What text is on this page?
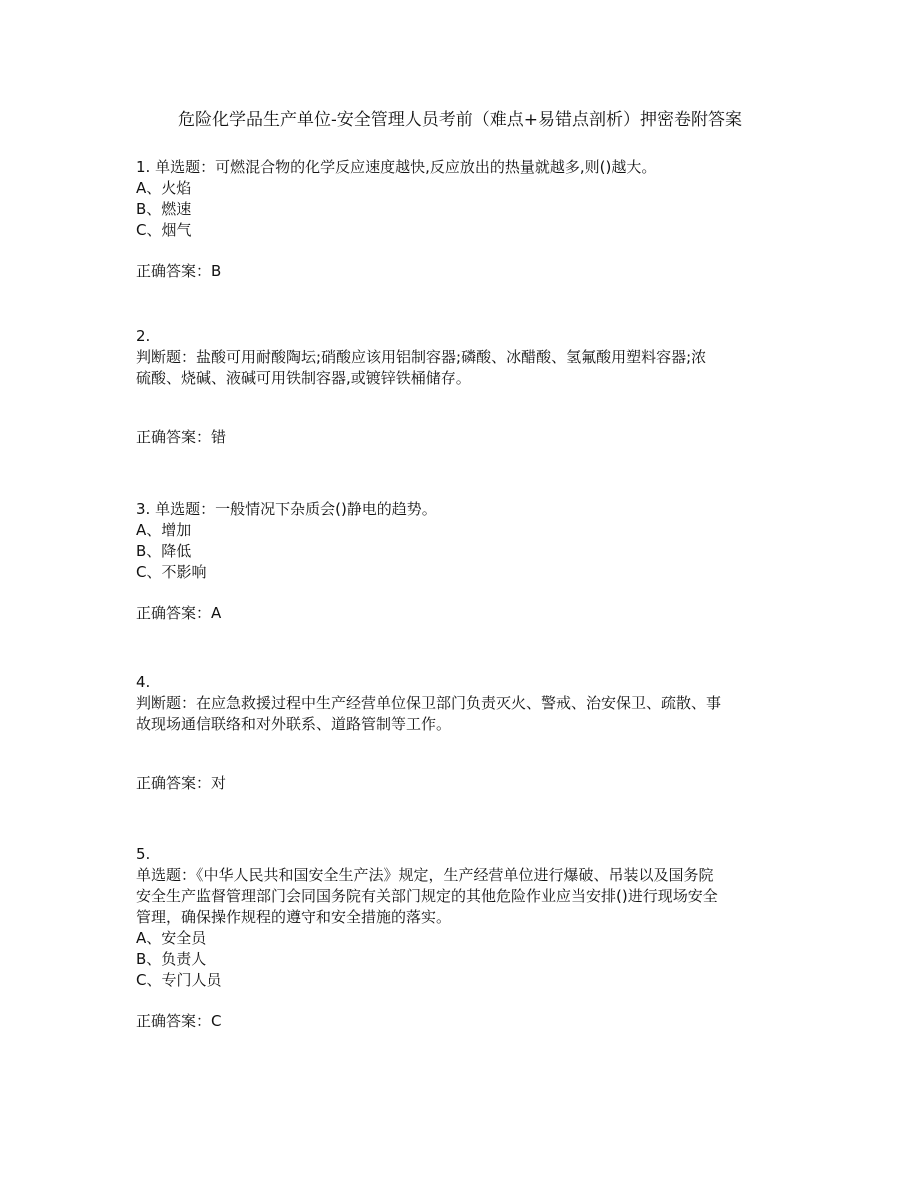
危险化学品生产单位-安全管理人员考前（难点+易错点剖析）押密卷附答案
1. 单选题：可燃混合物的化学反应速度越快,反应放出的热量就越多,则()越大。
A、火焰
B、燃速
C、烟气
正确答案：B
2.
判断题：盐酸可用耐酸陶坛;硝酸应该用铝制容器;磷酸、冰醋酸、氢氟酸用塑料容器;浓
硫酸、烧碱、液碱可用铁制容器,或镀锌铁桶储存。
正确答案：错
3. 单选题：一般情况下杂质会()静电的趋势。
A、增加
B、降低
C、不影响
正确答案：A
4.
判断题：在应急救援过程中生产经营单位保卫部门负责灭火、警戒、治安保卫、疏散、事
故现场通信联络和对外联系、道路管制等工作。
正确答案：对
5.
单选题：《中华人民共和国安全生产法》规定，生产经营单位进行爆破、吊装以及国务院
安全生产监督管理部门会同国务院有关部门规定的其他危险作业应当安排()进行现场安全
管理，确保操作规程的遵守和安全措施的落实。
A、安全员
B、负责人
C、专门人员
正确答案：C
